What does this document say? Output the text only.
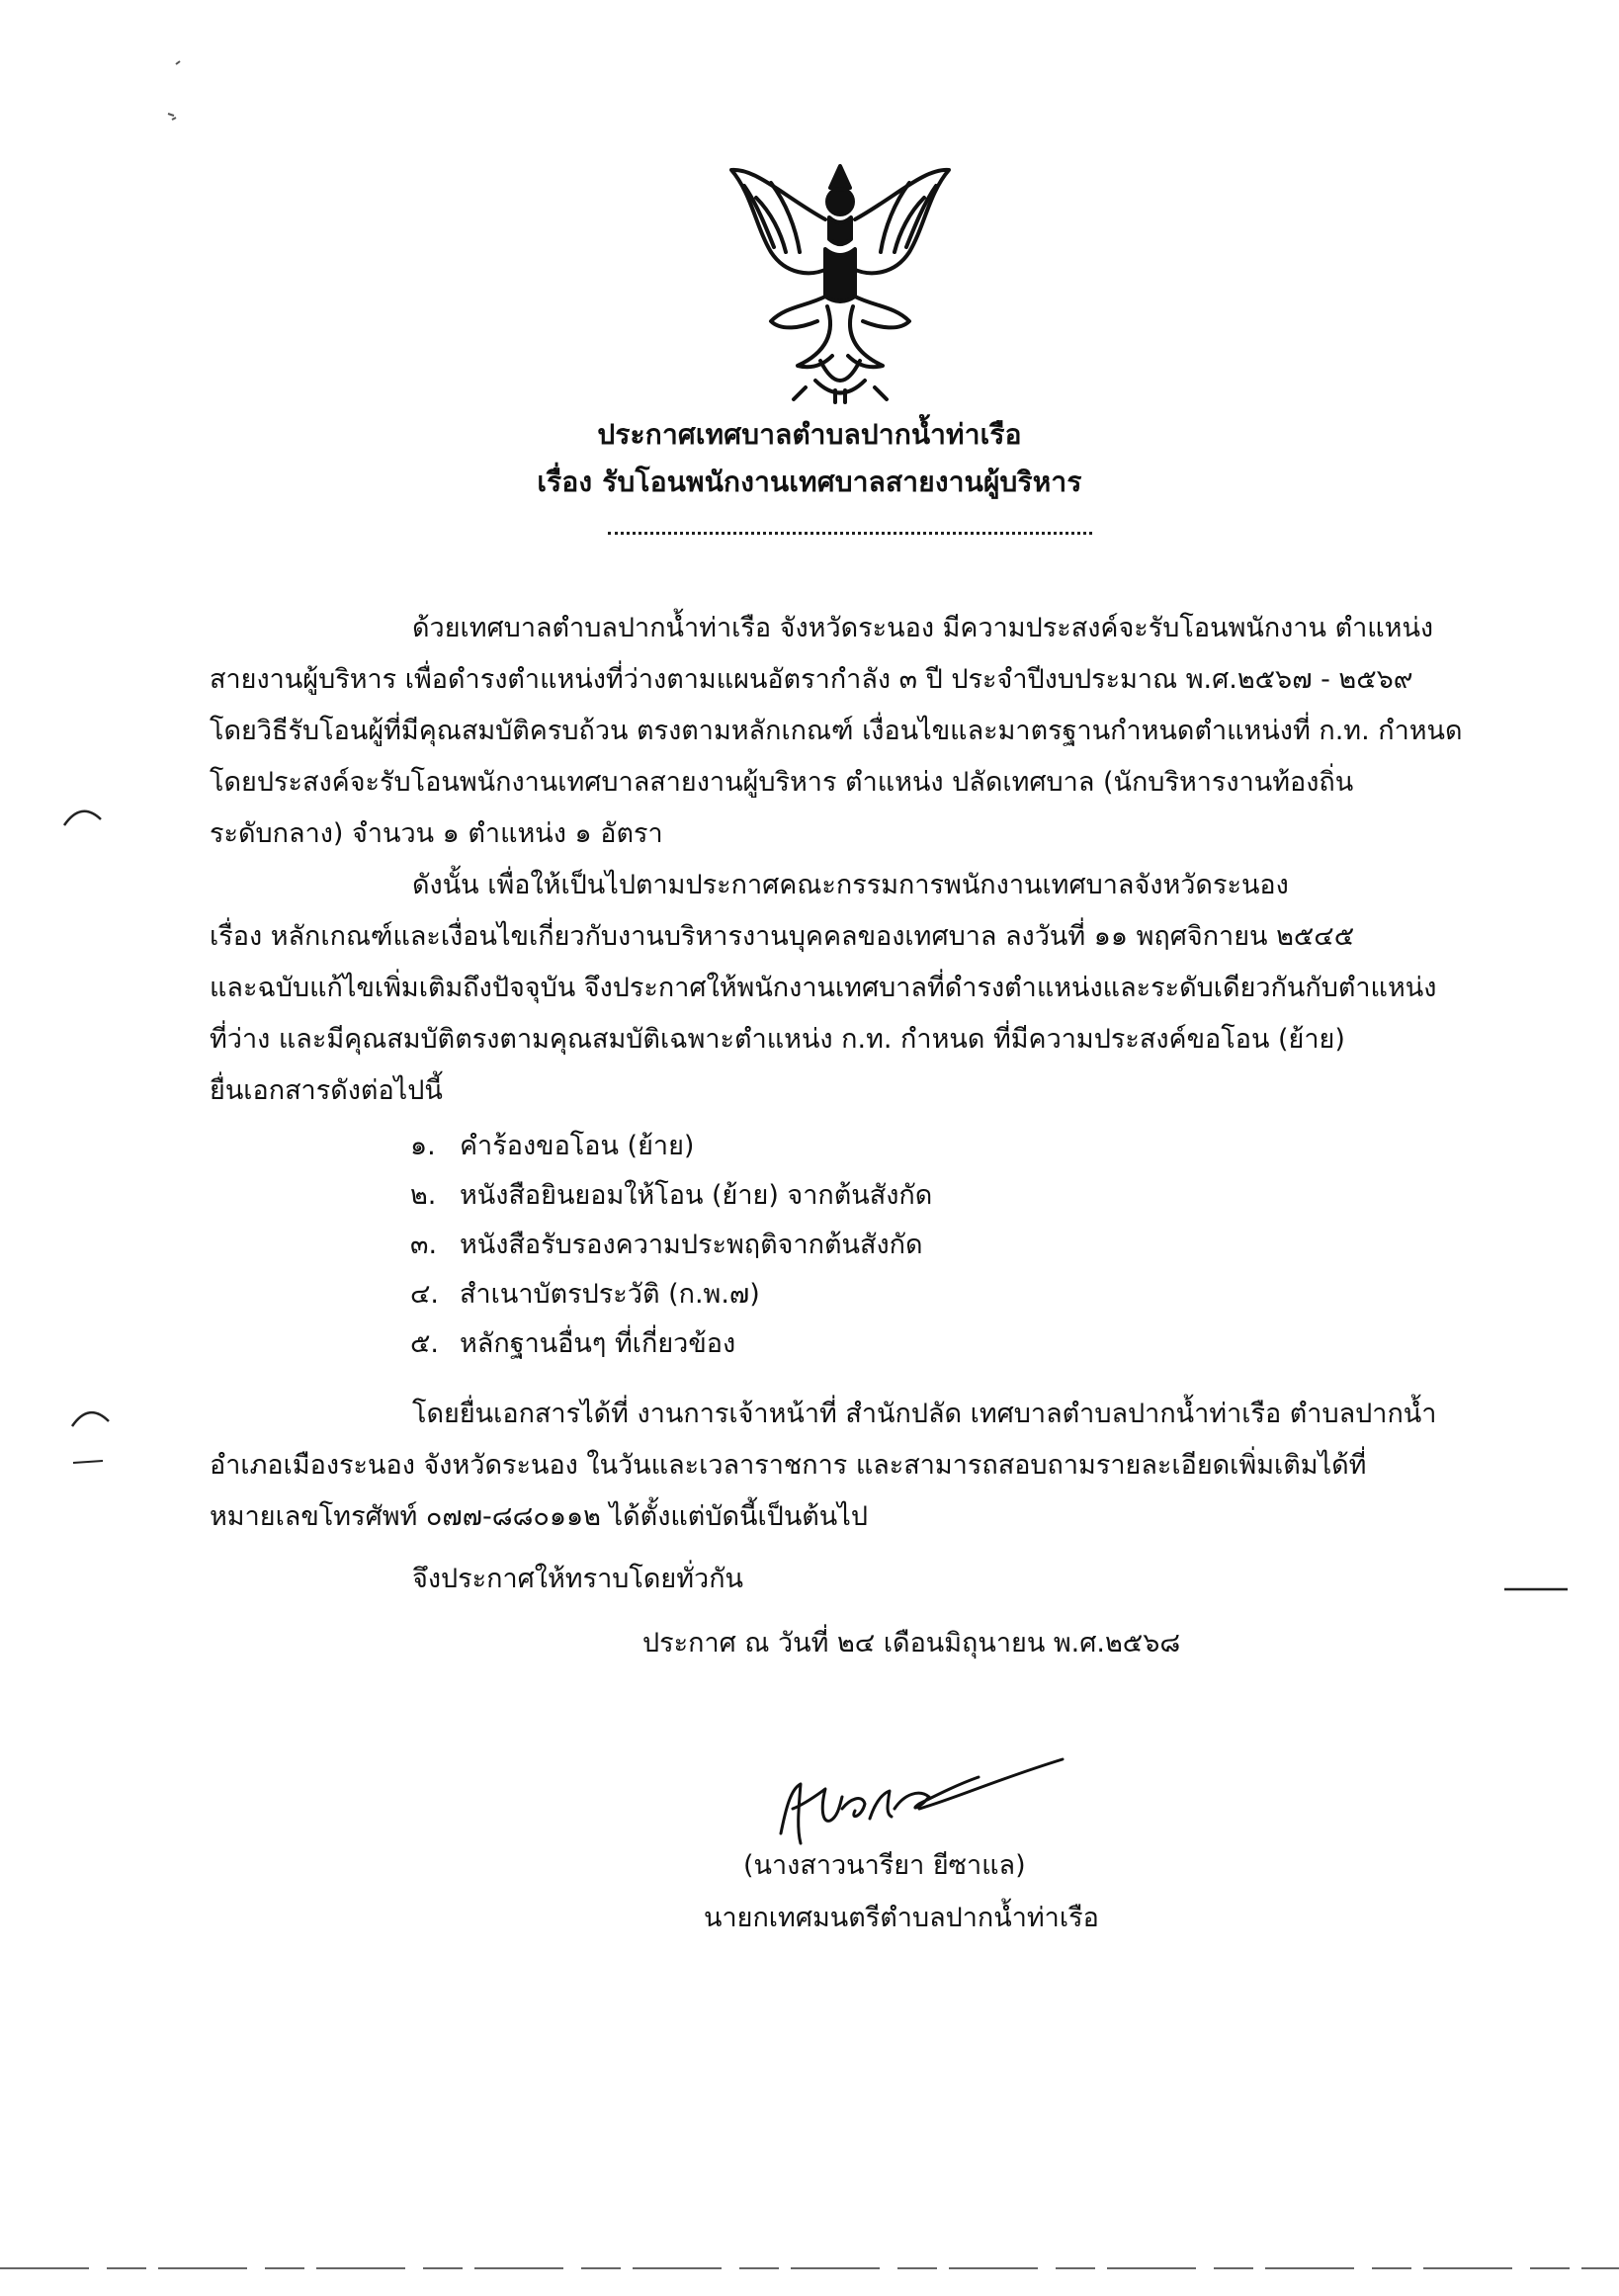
ประกาศเทศบาลตำบลปากน้ำท่าเรือ
เรื่อง รับโอนพนักงานเทศบาลสายงานผู้บริหาร
ด้วยเทศบาลตำบลปากน้ำท่าเรือ จังหวัดระนอง มีความประสงค์จะรับโอนพนักงาน ตำแหน่ง
สายงานผู้บริหาร เพื่อดำรงตำแหน่งที่ว่างตามแผนอัตรากำลัง ๓ ปี ประจำปีงบประมาณ พ.ศ.๒๕๖๗ - ๒๕๖๙
โดยวิธีรับโอนผู้ที่มีคุณสมบัติครบถ้วน ตรงตามหลักเกณฑ์ เงื่อนไขและมาตรฐานกำหนดตำแหน่งที่ ก.ท. กำหนด
โดยประสงค์จะรับโอนพนักงานเทศบาลสายงานผู้บริหาร ตำแหน่ง ปลัดเทศบาล (นักบริหารงานท้องถิ่น
ระดับกลาง) จำนวน ๑ ตำแหน่ง ๑ อัตรา
ดังนั้น เพื่อให้เป็นไปตามประกาศคณะกรรมการพนักงานเทศบาลจังหวัดระนอง
เรื่อง หลักเกณฑ์และเงื่อนไขเกี่ยวกับงานบริหารงานบุคคลของเทศบาล ลงวันที่ ๑๑ พฤศจิกายน ๒๕๔๕
และฉบับแก้ไขเพิ่มเติมถึงปัจจุบัน จึงประกาศให้พนักงานเทศบาลที่ดำรงตำแหน่งและระดับเดียวกันกับตำแหน่ง
ที่ว่าง และมีคุณสมบัติตรงตามคุณสมบัติเฉพาะตำแหน่ง ก.ท. กำหนด ที่มีความประสงค์ขอโอน (ย้าย)
ยื่นเอกสารดังต่อไปนี้
๑. คำร้องขอโอน (ย้าย)
๒. หนังสือยินยอมให้โอน (ย้าย) จากต้นสังกัด
๓. หนังสือรับรองความประพฤติจากต้นสังกัด
๔. สำเนาบัตรประวัติ (ก.พ.๗)
๕. หลักฐานอื่นๆ ที่เกี่ยวข้อง
โดยยื่นเอกสารได้ที่ งานการเจ้าหน้าที่ สำนักปลัด เทศบาลตำบลปากน้ำท่าเรือ ตำบลปากน้ำ
อำเภอเมืองระนอง จังหวัดระนอง ในวันและเวลาราชการ และสามารถสอบถามรายละเอียดเพิ่มเติมได้ที่
หมายเลขโทรศัพท์ ๐๗๗-๘๘๐๑๑๒ ได้ตั้งแต่บัดนี้เป็นต้นไป
จึงประกาศให้ทราบโดยทั่วกัน
ประกาศ ณ วันที่ ๒๔ เดือนมิถุนายน พ.ศ.๒๕๖๘
(นางสาวนารียา ยีซาแล)
นายกเทศมนตรีตำบลปากน้ำท่าเรือ
